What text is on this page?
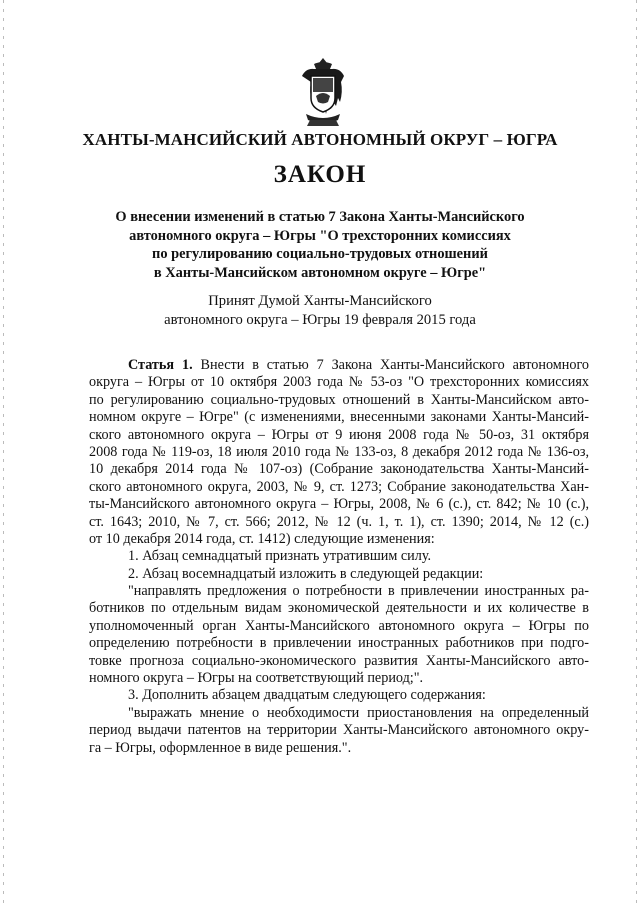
ХАНТЫ-МАНСИЙСКИЙ АВТОНОМНЫЙ ОКРУГ – ЮГРА
ЗАКОН
О внесении изменений в статью 7 Закона Ханты-Мансийского
автономного округа – Югры "О трехсторонних комиссиях
по регулированию социально-трудовых отношений
в Ханты-Мансийском автономном округе – Югре"
Принят Думой Ханты-Мансийского
автономного округа – Югры 19 февраля 2015 года
Статья 1. Внести в статью 7 Закона Ханты-Мансийского автономного
округа – Югры от 10 октября 2003 года № 53-оз "О трехсторонних комиссиях
по регулированию социально-трудовых отношений в Ханты-Мансийском авто-
номном округе – Югре" (с изменениями, внесенными законами Ханты-Мансий-
ского автономного округа – Югры от 9 июня 2008 года № 50-оз, 31 октября
2008 года № 119-оз, 18 июля 2010 года № 133-оз, 8 декабря 2012 года № 136-оз,
10 декабря 2014 года № 107-оз) (Собрание законодательства Ханты-Мансий-
ского автономного округа, 2003, № 9, ст. 1273; Собрание законодательства Хан-
ты-Мансийского автономного округа – Югры, 2008, № 6 (с.), ст. 842; № 10 (с.),
ст. 1643; 2010, № 7, ст. 566; 2012, № 12 (ч. 1, т. 1), ст. 1390; 2014, № 12 (с.)
от 10 декабря 2014 года, ст. 1412) следующие изменения:
1. Абзац семнадцатый признать утратившим силу.
2. Абзац восемнадцатый изложить в следующей редакции:
"направлять предложения о потребности в привлечении иностранных ра-
ботников по отдельным видам экономической деятельности и их количестве в
уполномоченный орган Ханты-Мансийского автономного округа – Югры по
определению потребности в привлечении иностранных работников при подго-
товке прогноза социально-экономического развития Ханты-Мансийского авто-
номного округа – Югры на соответствующий период;".
3. Дополнить абзацем двадцатым следующего содержания:
"выражать мнение о необходимости приостановления на определенный
период выдачи патентов на территории Ханты-Мансийского автономного окру-
га – Югры, оформленное в виде решения.".
